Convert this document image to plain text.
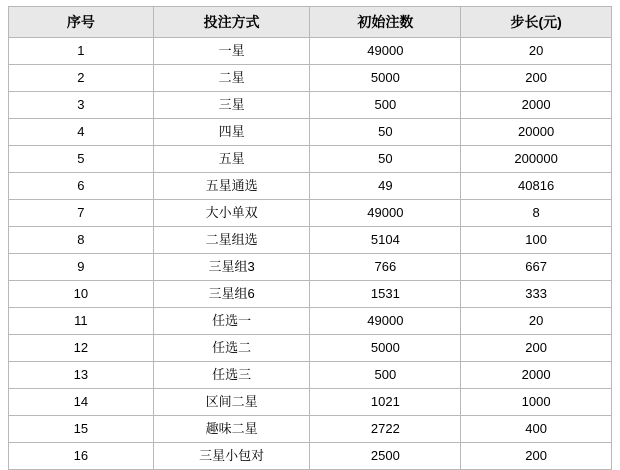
序号	投注方式	初始注数	步长(元)
1	一星	49000	20
2	二星	5000	200
3	三星	500	2000
4	四星	50	20000
5	五星	50	200000
6	五星通选	49	40816
7	大小单双	49000	8
8	二星组选	5104	100
9	三星组3	766	667
10	三星组6	1531	333
11	任选一	49000	20
12	任选二	5000	200
13	任选三	500	2000
14	区间二星	1021	1000
15	趣味二星	2722	400
16	三星小包对	2500	200
